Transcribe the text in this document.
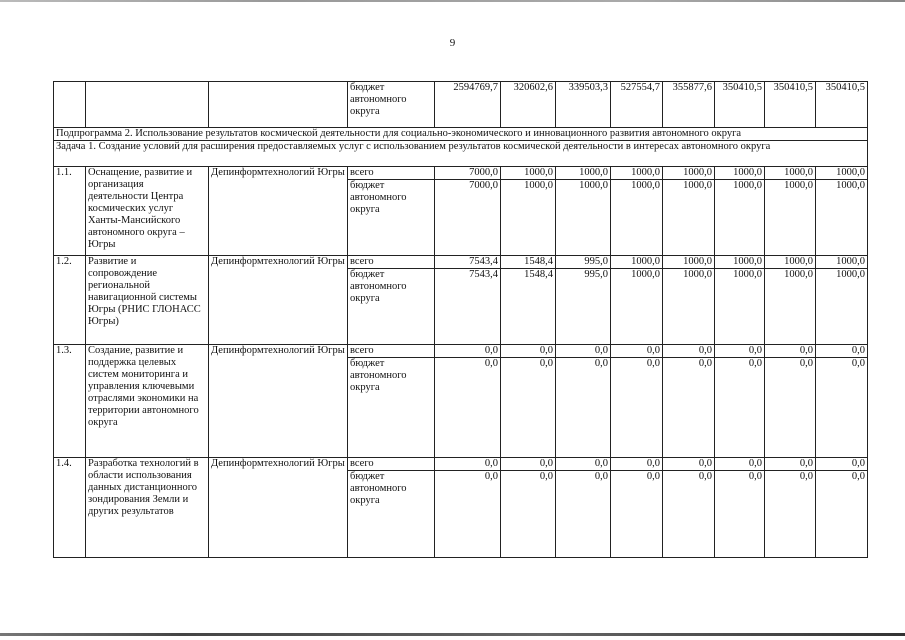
9
			бюджет автономного округа	2594769,7	320602,6	339503,3	527554,7	355877,6	350410,5	350410,5	350410,5
Подпрограмма 2. Использование результатов космической деятельности для социально-экономического и инновационного развития автономного округа											
Задача 1. Создание условий для расширения предоставляемых услуг с использованием результатов космической деятельности в интересах автономного округа											
1.1.	Оснащение, развитие и организация деятельности Центра космических услуг Ханты-Мансийского автономного округа – Югры	Депинформтехнологий Югры	всего	7000,0	1000,0	1000,0	1000,0	1000,0	1000,0	1000,0	1000,0
			бюджет автономного округа	7000,0	1000,0	1000,0	1000,0	1000,0	1000,0	1000,0	1000,0
1.2.	Развитие и сопровождение региональной навигационной системы Югры (РНИС ГЛОНАСС Югры)	Депинформтехнологий Югры	всего	7543,4	1548,4	995,0	1000,0	1000,0	1000,0	1000,0	1000,0
			бюджет автономного округа	7543,4	1548,4	995,0	1000,0	1000,0	1000,0	1000,0	1000,0
1.3.	Создание, развитие и поддержка целевых систем мониторинга и управления ключевыми отраслями экономики на территории автономного округа	Депинформтехнологий Югры	всего	0,0	0,0	0,0	0,0	0,0	0,0	0,0	0,0
			бюджет автономного округа	0,0	0,0	0,0	0,0	0,0	0,0	0,0	0,0
1.4.	Разработка технологий в области использования данных дистанционного зондирования Земли и других результатов	Депинформтехнологий Югры	всего	0,0	0,0	0,0	0,0	0,0	0,0	0,0	0,0
			бюджет автономного округа	0,0	0,0	0,0	0,0	0,0	0,0	0,0	0,0
